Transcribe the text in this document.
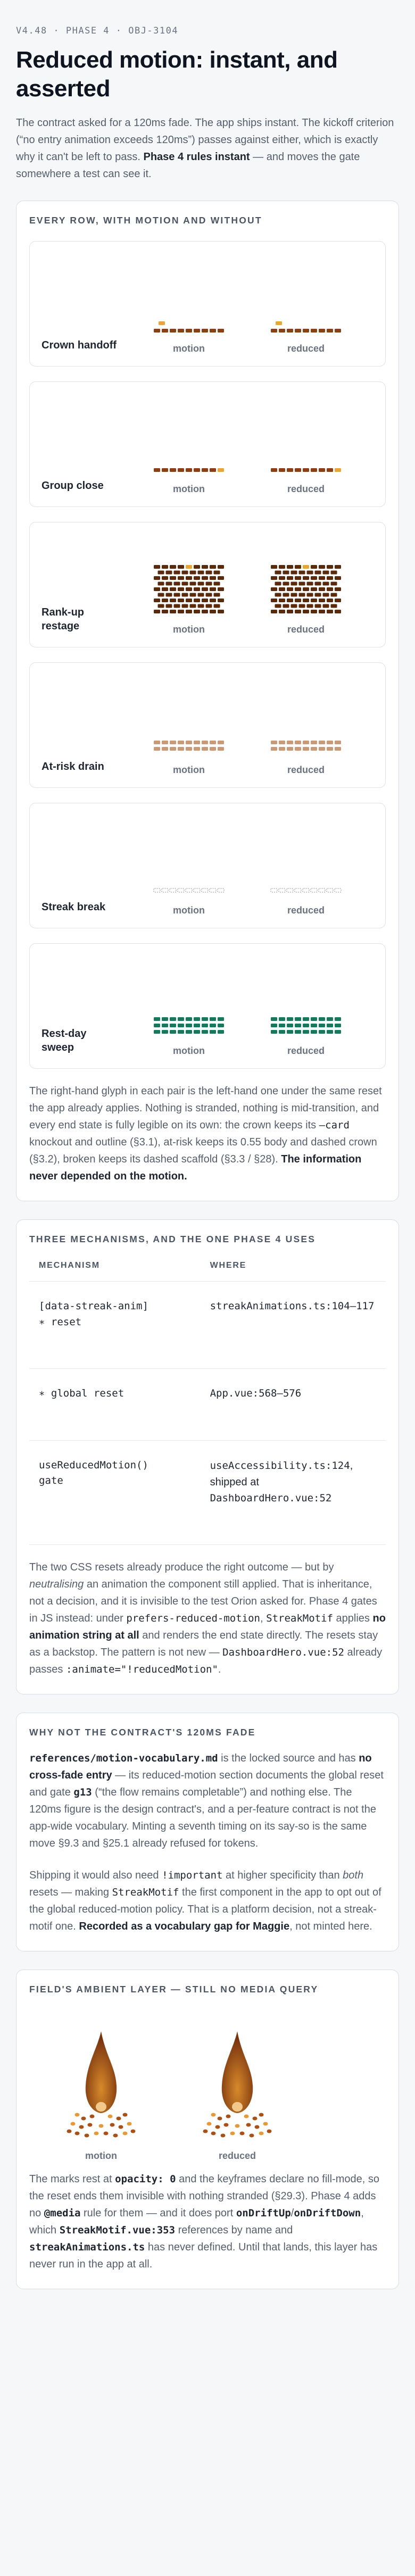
V4.48 · PHASE 4 · OBJ-3104
Reduced motion: instant, and asserted

The contract asked for a 120ms fade. The app ships instant. The kickoff criterion (“no entry animation exceeds 120ms”) passes against either, which is exactly why it can't be left to pass. Phase 4 rules instant — and moves the gate somewhere a test can see it.

EVERY ROW, WITH MOTION AND WITHOUT
Crown handoff	motion	reduced
Group close	motion	reduced
Rank-up restage	motion	reduced
At-risk drain	motion	reduced
Streak break	motion	reduced
Rest-day sweep	motion	reduced

The right-hand glyph in each pair is the left-hand one under the same reset the app already applies. Nothing is stranded, nothing is mid-transition, and every end state is fully legible on its own: the crown keeps its —card knockout and outline (§3.1), at-risk keeps its 0.55 body and dashed crown (§3.2), broken keeps its dashed scaffold (§3.3 / §28). The information never depended on the motion.

THREE MECHANISMS, AND THE ONE PHASE 4 USES
MECHANISM	WHERE
[data-streak-anim]
∗ reset	streakAnimations.ts:104–117
∗ global reset	App.vue:568–576
useReducedMotion()
gate	useAccessibility.ts:124, shipped at
DashboardHero.vue:52

The two CSS resets already produce the right outcome — but by neutralising an animation the component still applied. That is inheritance, not a decision, and it is invisible to the test Orion asked for. Phase 4 gates in JS instead: under prefers-reduced-motion, StreakMotif applies no animation string at all and renders the end state directly. The resets stay as a backstop. The pattern is not new — DashboardHero.vue:52 already passes :animate="!reducedMotion".

WHY NOT THE CONTRACT'S 120MS FADE

references/motion-vocabulary.md is the locked source and has no cross-fade entry — its reduced-motion section documents the global reset and gate g13 (“the flow remains completable”) and nothing else. The 120ms figure is the design contract's, and a per-feature contract is not the app-wide vocabulary. Minting a seventh timing on its say-so is the same move §9.3 and §25.1 already refused for tokens.

Shipping it would also need !important at higher specificity than both resets — making StreakMotif the first component in the app to opt out of the global reduced-motion policy. That is a platform decision, not a streak-motif one. Recorded as a vocabulary gap for Maggie, not minted here.

FIELD'S AMBIENT LAYER — STILL NO MEDIA QUERY
motion	reduced

The marks rest at opacity: 0 and the keyframes declare no fill-mode, so the reset ends them invisible with nothing stranded (§29.3). Phase 4 adds no @media rule for them — and it does port onDriftUp/onDriftDown, which StreakMotif.vue:353 references by name and streakAnimations.ts has never defined. Until that lands, this layer has never run in the app at all.
